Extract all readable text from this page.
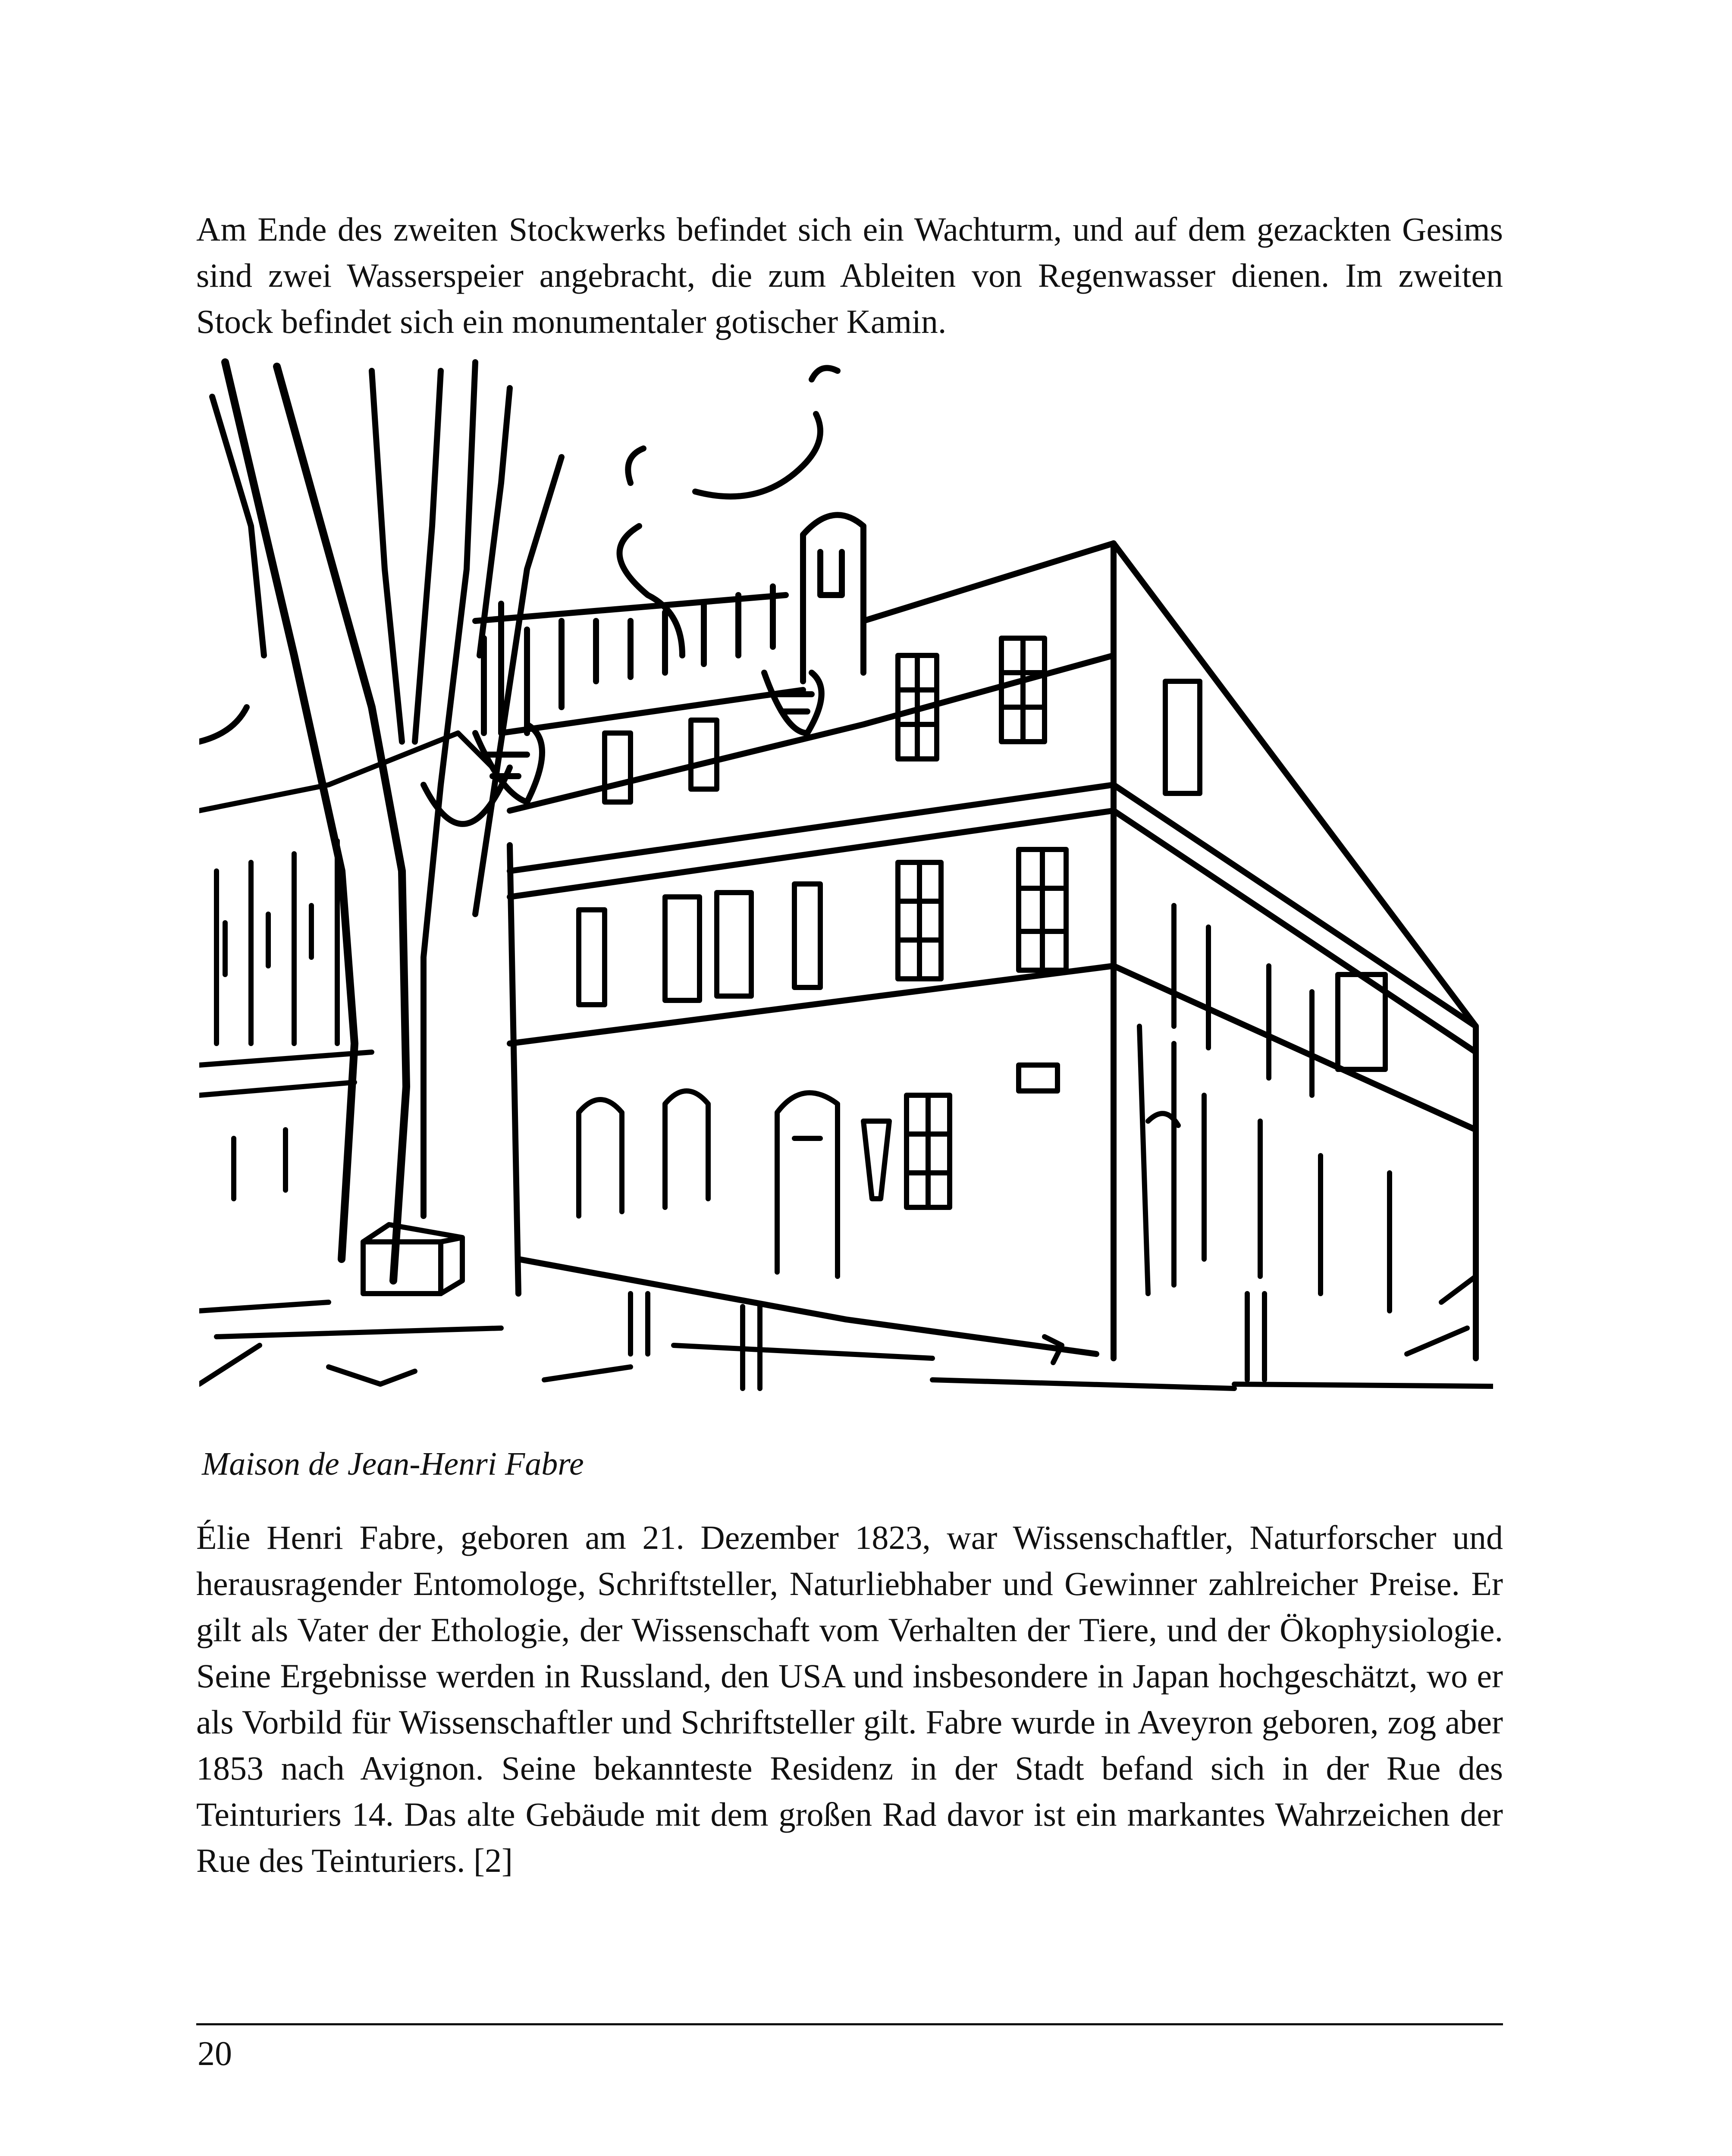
Am Ende des zweiten Stockwerks befindet sich ein Wachturm, und auf dem gezackten Gesims sind zwei Wasserspeier angebracht, die zum Ableiten von Regenwasser dienen. Im zweiten Stock befindet sich ein monumentaler gotischer Kamin.
Maison de Jean-Henri Fabre
Élie Henri Fabre, geboren am 21. Dezember 1823, war Wissenschaftler, Naturforscher und herausragender Entomologe, Schriftsteller, Naturliebhaber und Gewinner zahlreicher Preise. Er gilt als Vater der Ethologie, der Wissenschaft vom Verhalten der Tiere, und der Ökophysiologie. Seine Ergebnisse werden in Russland, den USA und insbesondere in Japan hochgeschätzt, wo er als Vorbild für Wissenschaftler und Schriftsteller gilt. Fabre wurde in Aveyron geboren, zog aber 1853 nach Avignon. Seine bekannteste Residenz in der Stadt befand sich in der Rue des Teinturiers 14. Das alte Gebäude mit dem großen Rad davor ist ein markantes Wahrzeichen der Rue des Teinturiers. [2]
20
